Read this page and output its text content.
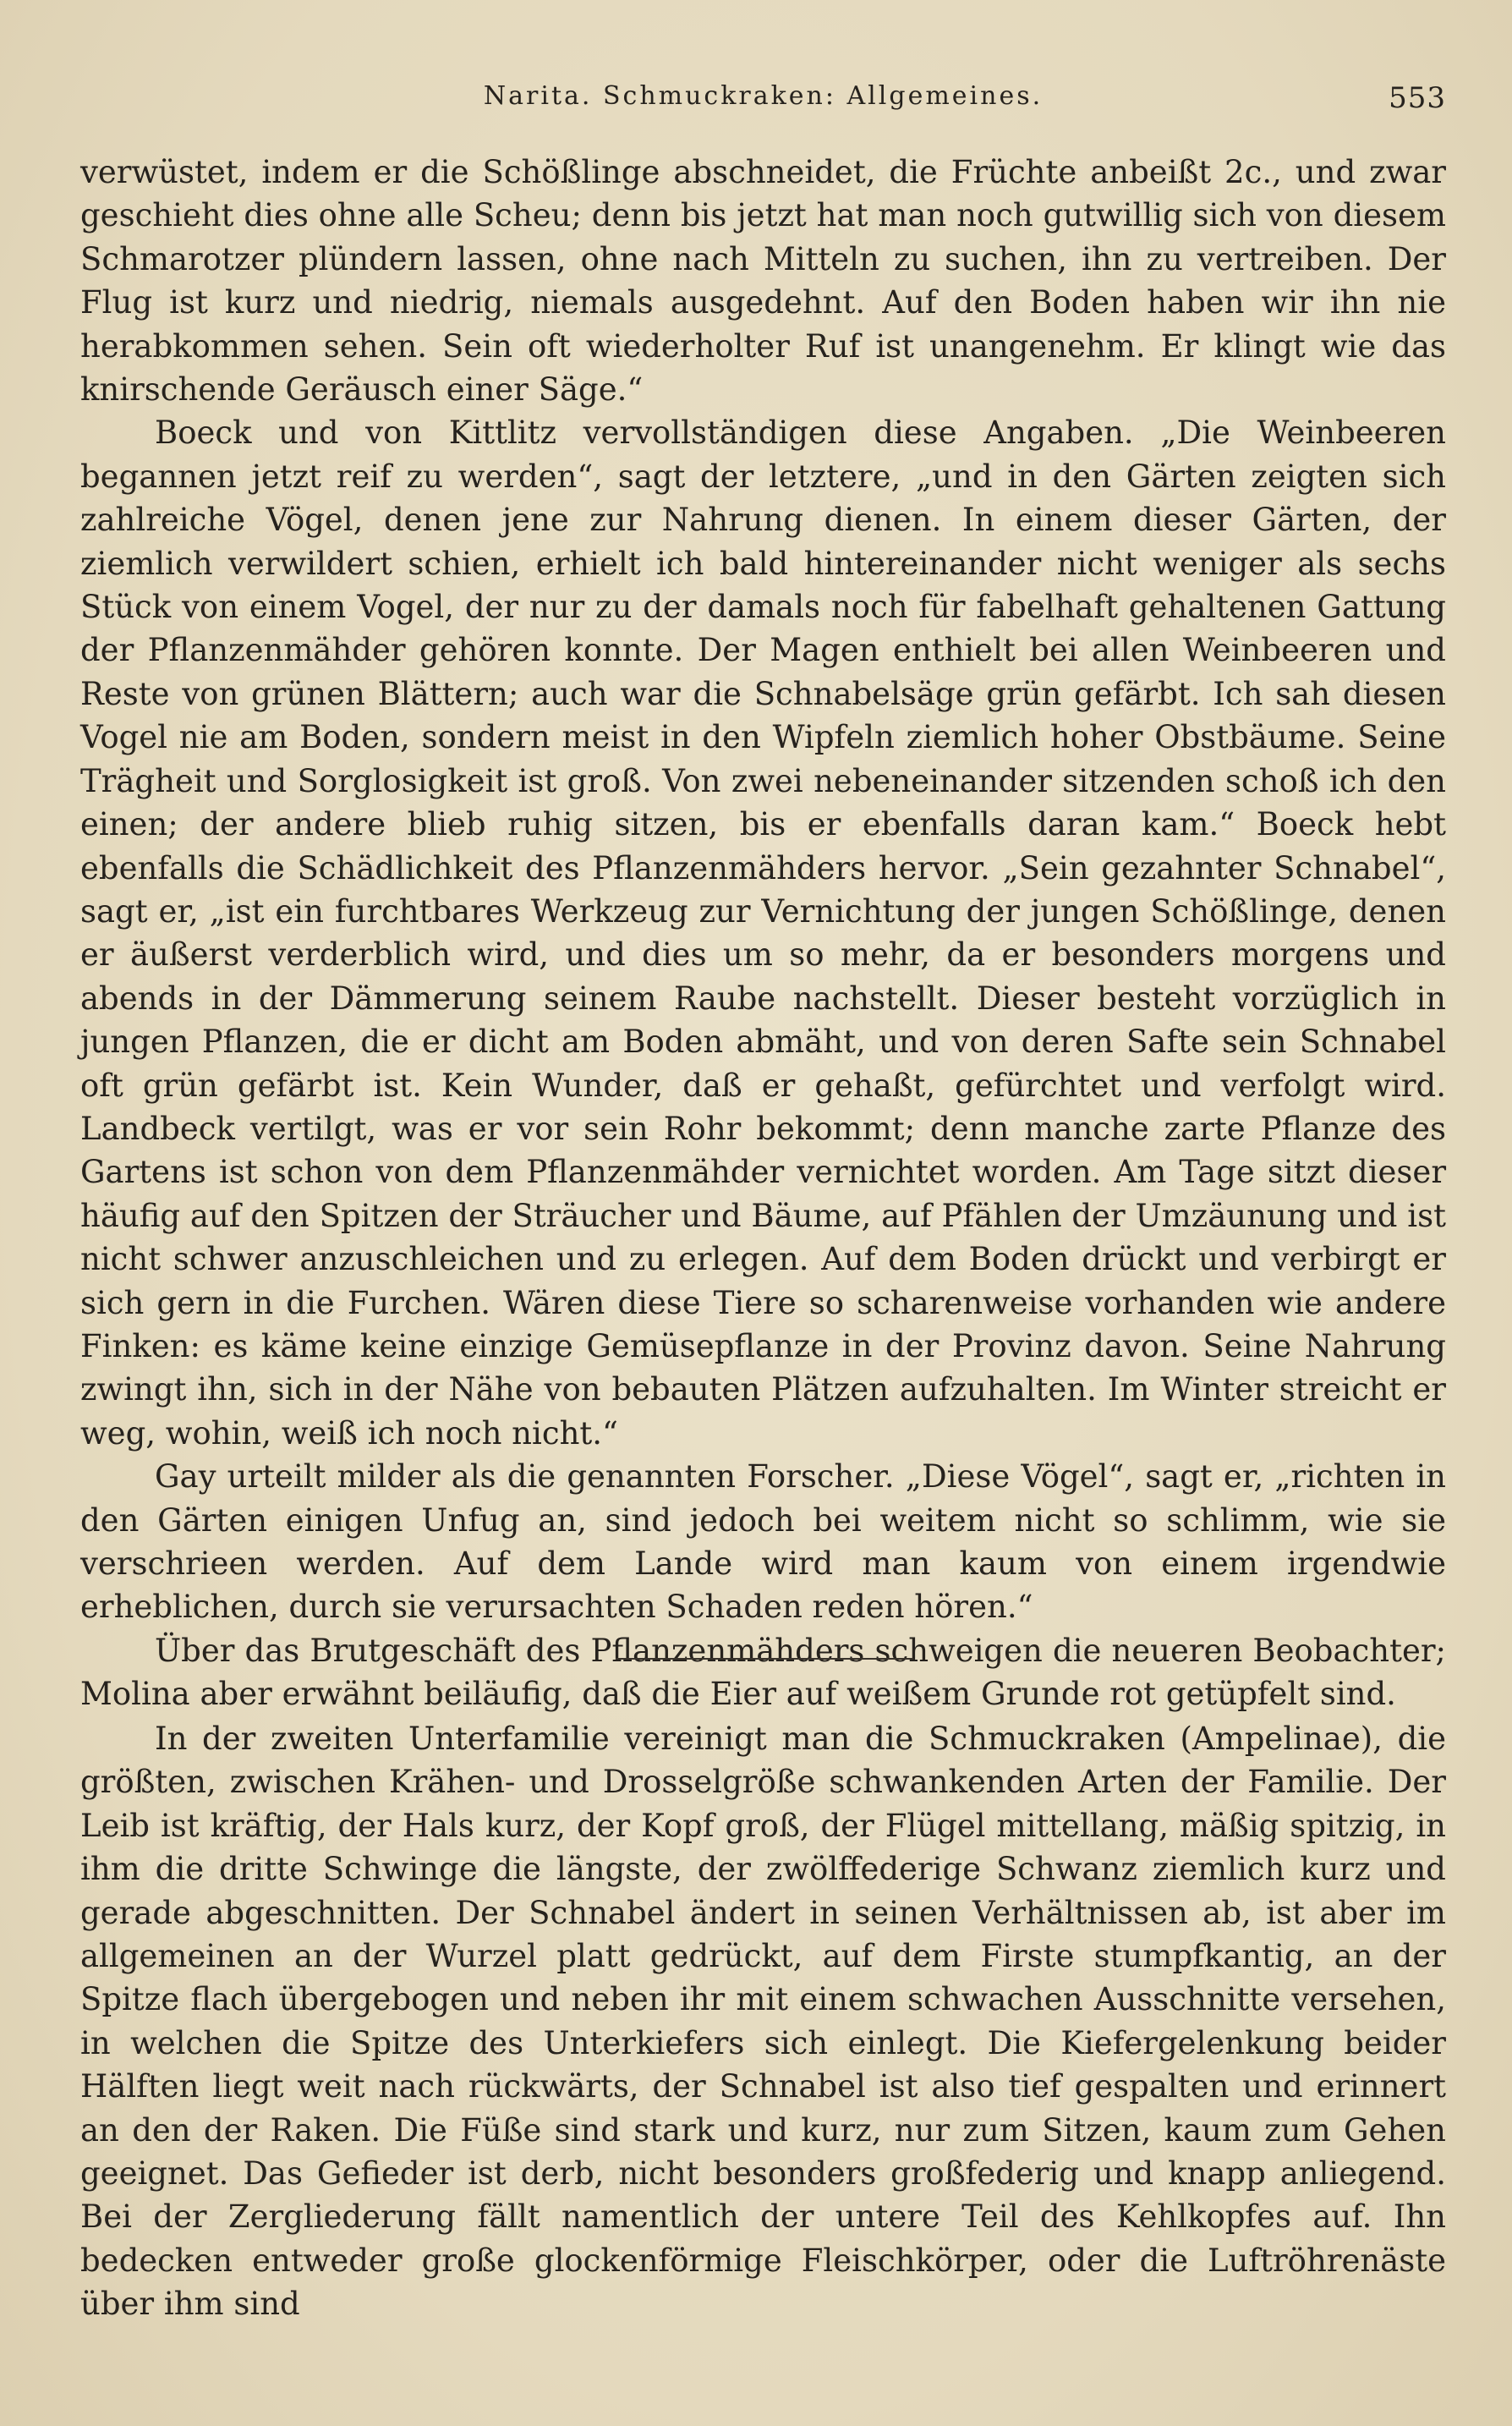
Narita. Schmuckraken: Allgemeines.	553

verwüstet, indem er die Schößlinge abschneidet, die Früchte anbeißt 2c., und zwar geschieht dies ohne alle Scheu; denn bis jetzt hat man noch gutwillig sich von diesem Schmarotzer plündern lassen, ohne nach Mitteln zu suchen, ihn zu vertreiben. Der Flug ist kurz und niedrig, niemals ausgedehnt. Auf den Boden haben wir ihn nie herabkommen sehen. Sein oft wiederholter Ruf ist unangenehm. Er klingt wie das knirschende Geräusch einer Säge.“

Boeck und von Kittlitz vervollständigen diese Angaben. „Die Weinbeeren begannen jetzt reif zu werden“, sagt der letztere, „und in den Gärten zeigten sich zahlreiche Vögel, denen jene zur Nahrung dienen. In einem dieser Gärten, der ziemlich verwildert schien, erhielt ich bald hintereinander nicht weniger als sechs Stück von einem Vogel, der nur zu der damals noch für fabelhaft gehaltenen Gattung der Pflanzenmähder gehören konnte. Der Magen enthielt bei allen Weinbeeren und Reste von grünen Blättern; auch war die Schnabelsäge grün gefärbt. Ich sah diesen Vogel nie am Boden, sondern meist in den Wipfeln ziemlich hoher Obstbäume. Seine Trägheit und Sorglosigkeit ist groß. Von zwei nebeneinander sitzenden schoß ich den einen; der andere blieb ruhig sitzen, bis er ebenfalls daran kam.“ Boeck hebt ebenfalls die Schädlichkeit des Pflanzenmähders hervor. „Sein gezahnter Schnabel“, sagt er, „ist ein furchtbares Werkzeug zur Vernichtung der jungen Schößlinge, denen er äußerst verderblich wird, und dies um so mehr, da er besonders morgens und abends in der Dämmerung seinem Raube nachstellt. Dieser besteht vorzüglich in jungen Pflanzen, die er dicht am Boden abmäht, und von deren Safte sein Schnabel oft grün gefärbt ist. Kein Wunder, daß er gehaßt, gefürchtet und verfolgt wird. Landbeck vertilgt, was er vor sein Rohr bekommt; denn manche zarte Pflanze des Gartens ist schon von dem Pflanzenmähder vernichtet worden. Am Tage sitzt dieser häufig auf den Spitzen der Sträucher und Bäume, auf Pfählen der Umzäunung und ist nicht schwer anzuschleichen und zu erlegen. Auf dem Boden drückt und verbirgt er sich gern in die Furchen. Wären diese Tiere so scharenweise vorhanden wie andere Finken: es käme keine einzige Gemüsepflanze in der Provinz davon. Seine Nahrung zwingt ihn, sich in der Nähe von bebauten Plätzen aufzuhalten. Im Winter streicht er weg, wohin, weiß ich noch nicht.“

Gay urteilt milder als die genannten Forscher. „Diese Vögel“, sagt er, „richten in den Gärten einigen Unfug an, sind jedoch bei weitem nicht so schlimm, wie sie verschrieen werden. Auf dem Lande wird man kaum von einem irgendwie erheblichen, durch sie verursachten Schaden reden hören.“

Über das Brutgeschäft des Pflanzenmähders schweigen die neueren Beobachter; Molina aber erwähnt beiläufig, daß die Eier auf weißem Grunde rot getüpfelt sind.

In der zweiten Unterfamilie vereinigt man die Schmuckraken (Ampelinae), die größten, zwischen Krähen- und Drosselgröße schwankenden Arten der Familie. Der Leib ist kräftig, der Hals kurz, der Kopf groß, der Flügel mittellang, mäßig spitzig, in ihm die dritte Schwinge die längste, der zwölffederige Schwanz ziemlich kurz und gerade abgeschnitten. Der Schnabel ändert in seinen Verhältnissen ab, ist aber im allgemeinen an der Wurzel platt gedrückt, auf dem Firste stumpfkantig, an der Spitze flach übergebogen und neben ihr mit einem schwachen Ausschnitte versehen, in welchen die Spitze des Unterkiefers sich einlegt. Die Kiefergelenkung beider Hälften liegt weit nach rückwärts, der Schnabel ist also tief gespalten und erinnert an den der Raken. Die Füße sind stark und kurz, nur zum Sitzen, kaum zum Gehen geeignet. Das Gefieder ist derb, nicht besonders großfederig und knapp anliegend. Bei der Zergliederung fällt namentlich der untere Teil des Kehlkopfes auf. Ihn bedecken entweder große glockenförmige Fleischkörper, oder die Luftröhrenäste über ihm sind
